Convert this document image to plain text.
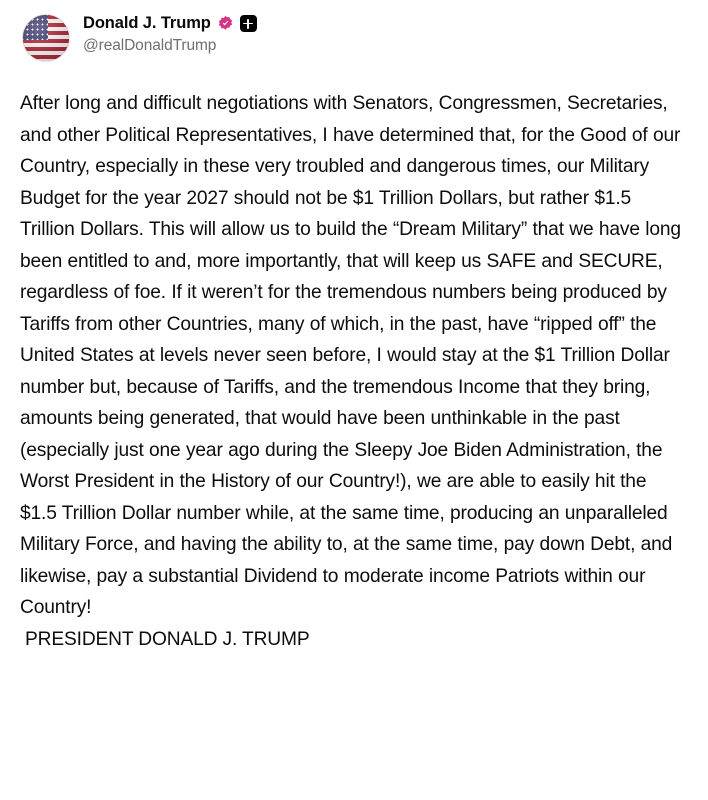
Donald J. Trump
@realDonaldTrump
After long and difficult negotiations with Senators, Congressmen, Secretaries, and other Political Representatives, I have determined that, for the Good of our Country, especially in these very troubled and dangerous times, our Military Budget for the year 2027 should not be $1 Trillion Dollars, but rather $1.5 Trillion Dollars. This will allow us to build the “Dream Military” that we have long been entitled to and, more importantly, that will keep us SAFE and SECURE, regardless of foe. If it weren’t for the tremendous numbers being produced by Tariffs from other Countries, many of which, in the past, have “ripped off” the United States at levels never seen before, I would stay at the $1 Trillion Dollar number but, because of Tariffs, and the tremendous Income that they bring, amounts being generated, that would have been unthinkable in the past (especially just one year ago during the Sleepy Joe Biden Administration, the Worst President in the History of our Country!), we are able to easily hit the $1.5 Trillion Dollar number while, at the same time, producing an unparalleled Military Force, and having the ability to, at the same time, pay down Debt, and likewise, pay a substantial Dividend to moderate income Patriots within our Country!
PRESIDENT DONALD J. TRUMP
